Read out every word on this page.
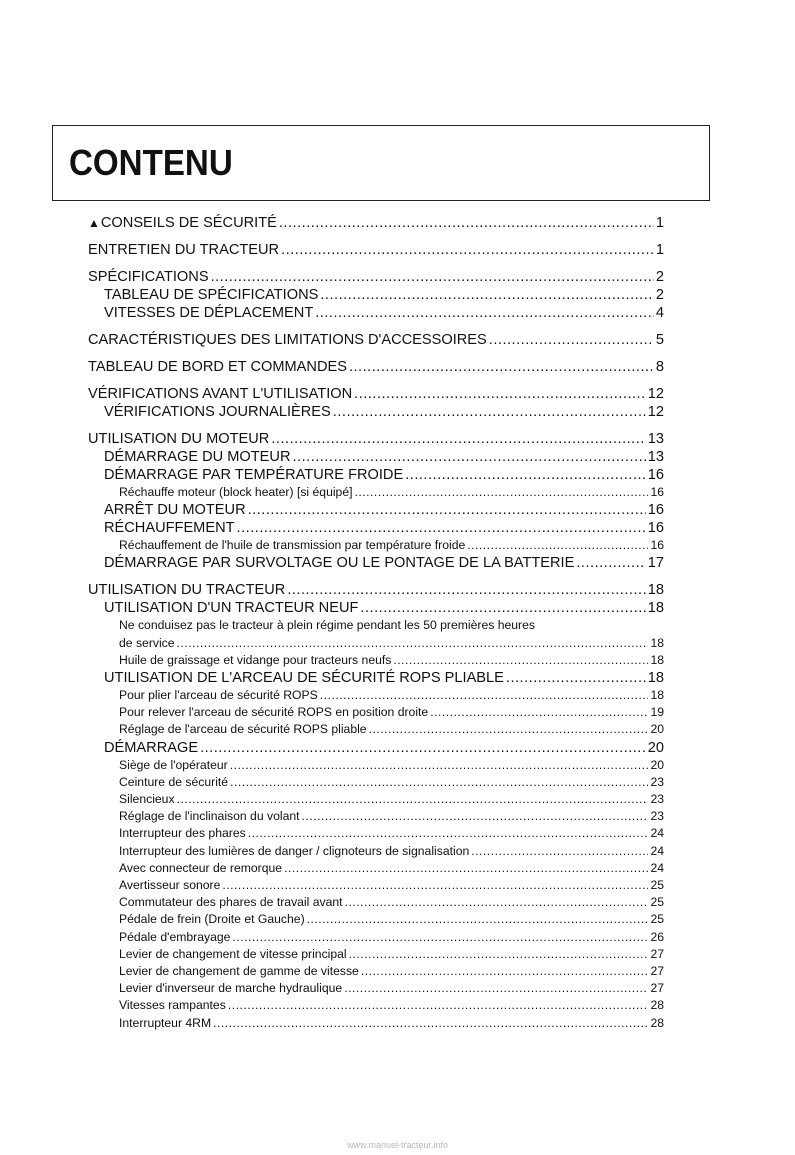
CONTENU
▲CONSEILS DE SÉCURITÉ .....	1
ENTRETIEN DU TRACTEUR .....	1
SPÉCIFICATIONS .....	2
TABLEAU DE SPÉCIFICATIONS .....	2
VITESSES DE DÉPLACEMENT .....	4
CARACTÉRISTIQUES DES LIMITATIONS D'ACCESSOIRES .....	5
TABLEAU DE BORD ET COMMANDES .....	8
VÉRIFICATIONS AVANT L'UTILISATION .....	12
VÉRIFICATIONS JOURNALIÈRES .....	12
UTILISATION DU MOTEUR .....	13
DÉMARRAGE DU MOTEUR .....	13
DÉMARRAGE PAR TEMPÉRATURE FROIDE .....	16
Réchauffe moteur (block heater) [si équipé] .....	16
ARRÊT DU MOTEUR .....	16
RÉCHAUFFEMENT .....	16
Réchauffement de l'huile de transmission par température froide .....	16
DÉMARRAGE PAR SURVOLTAGE OU LE PONTAGE DE LA BATTERIE .....	17
UTILISATION DU TRACTEUR .....	18
UTILISATION D'UN TRACTEUR NEUF .....	18
Ne conduisez pas le tracteur à plein régime pendant les 50 premières heures
de service .....	18
Huile de graissage et vidange pour tracteurs neufs .....	18
UTILISATION DE L'ARCEAU DE SÉCURITÉ ROPS PLIABLE .....	18
Pour plier l'arceau de sécurité ROPS .....	18
Pour relever l'arceau de sécurité ROPS en position droite .....	19
Réglage de l'arceau de sécurité ROPS pliable .....	20
DÉMARRAGE .....	20
Siège de l'opérateur .....	20
Ceinture de sécurité .....	23
Silencieux .....	23
Réglage de l'inclinaison du volant .....	23
Interrupteur des phares .....	24
Interrupteur des lumières de danger / clignoteurs de signalisation .....	24
Avec connecteur de remorque .....	24
Avertisseur sonore .....	25
Commutateur des phares de travail avant .....	25
Pédale de frein (Droite et Gauche) .....	25
Pédale d'embrayage .....	26
Levier de changement de vitesse principal .....	27
Levier de changement de gamme de vitesse .....	27
Levier d'inverseur de marche hydraulique .....	27
Vitesses rampantes .....	28
Interrupteur 4RM .....	28
www.manuel-tracteur.info
